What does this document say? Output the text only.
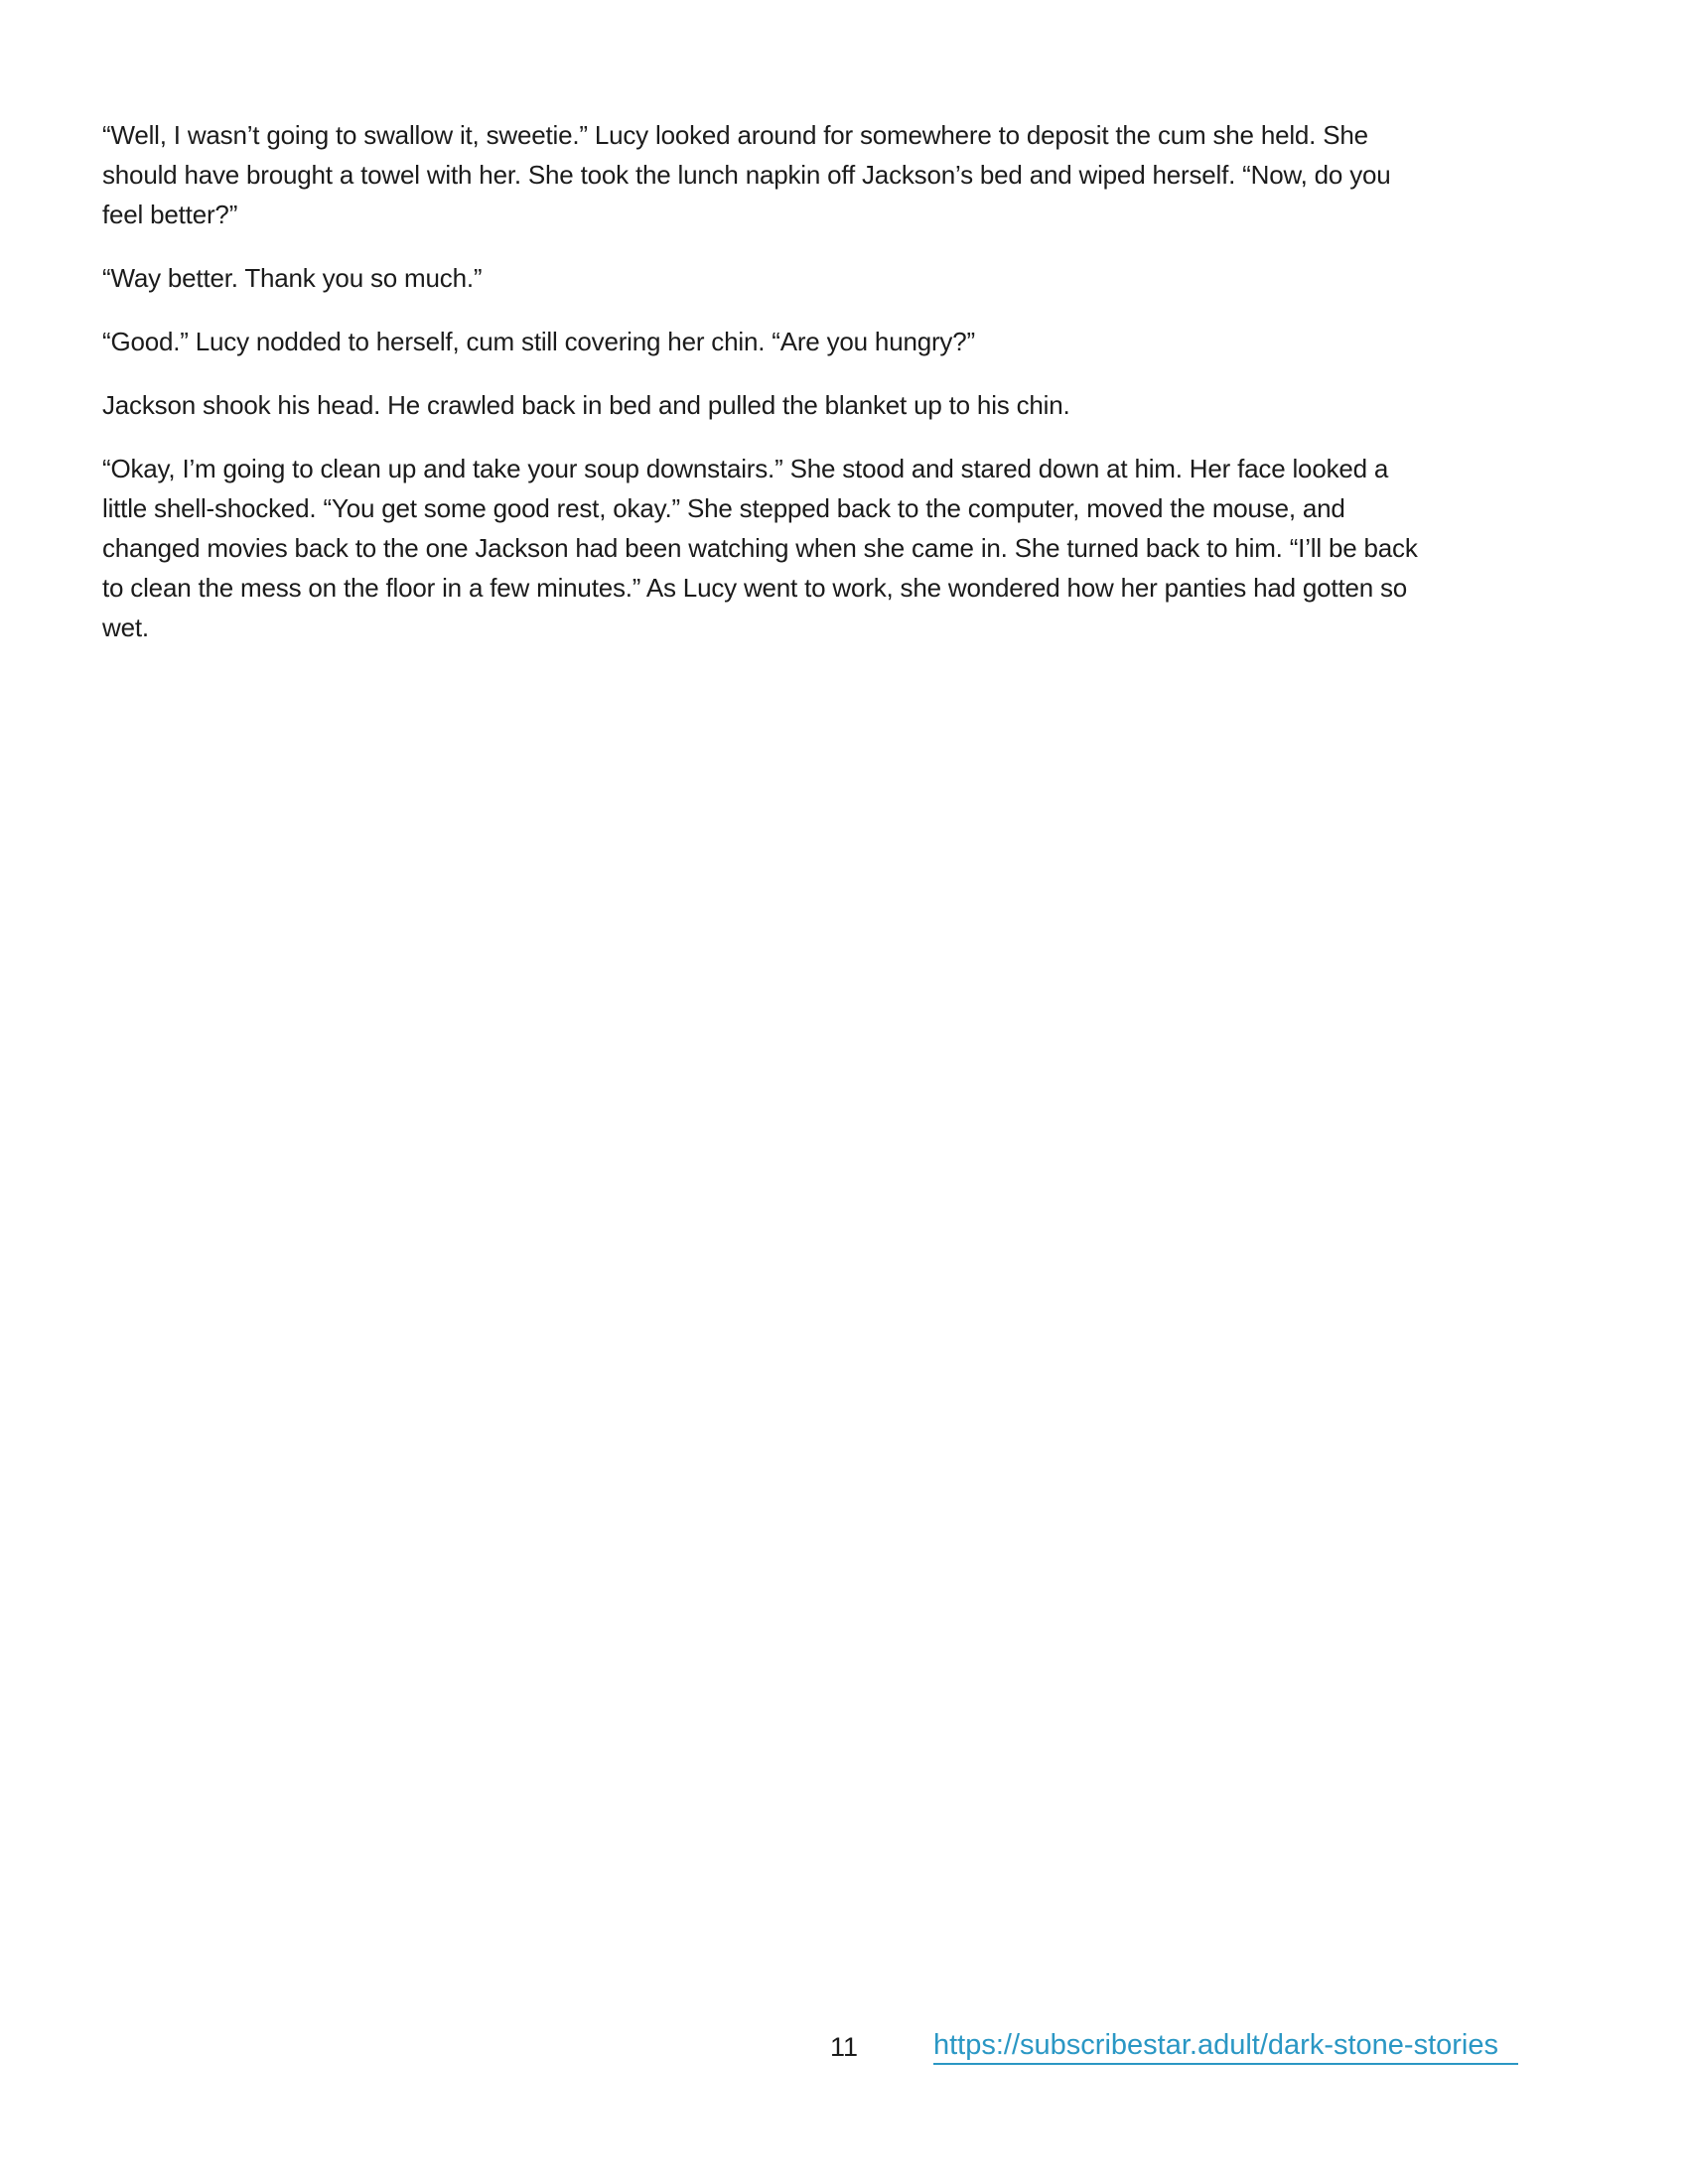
“Well, I wasn’t going to swallow it, sweetie.” Lucy looked around for somewhere to deposit the cum she held. She
should have brought a towel with her. She took the lunch napkin off Jackson’s bed and wiped herself. “Now, do you
feel better?”

“Way better. Thank you so much.”

“Good.” Lucy nodded to herself, cum still covering her chin. “Are you hungry?”

Jackson shook his head. He crawled back in bed and pulled the blanket up to his chin.

“Okay, I’m going to clean up and take your soup downstairs.” She stood and stared down at him. Her face looked a
little shell-shocked. “You get some good rest, okay.” She stepped back to the computer, moved the mouse, and
changed movies back to the one Jackson had been watching when she came in. She turned back to him. “I’ll be back
to clean the mess on the floor in a few minutes.” As Lucy went to work, she wondered how her panties had gotten so
wet.

11	https://subscribestar.adult/dark-stone-stories
